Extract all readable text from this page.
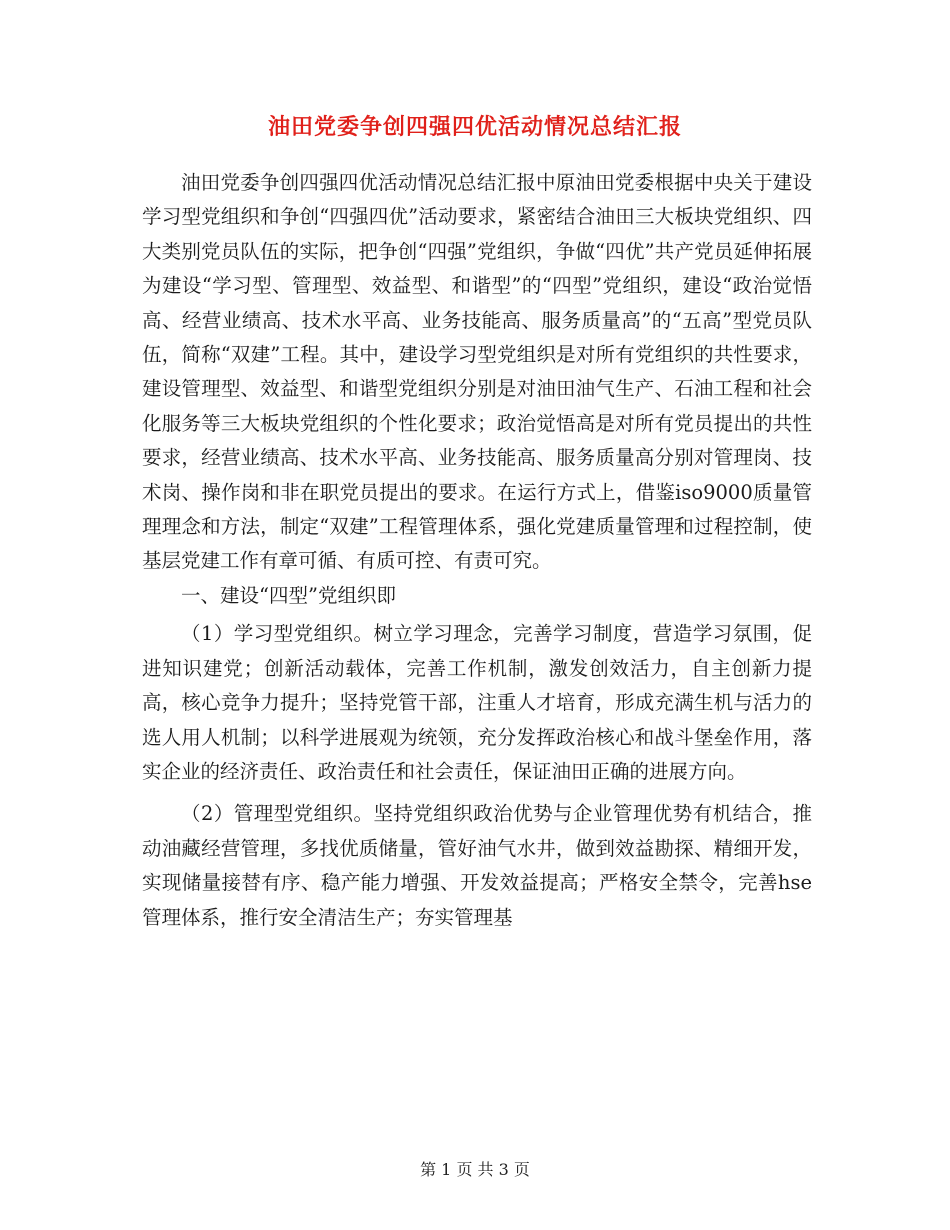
油田党委争创四强四优活动情况总结汇报

油田党委争创四强四优活动情况总结汇报中原油田党委根据中央关于建设学习型党组织和争创“四强四优”活动要求，紧密结合油田三大板块党组织、四大类别党员队伍的实际，把争创“四强”党组织，争做“四优”共产党员延伸拓展为建设“学习型、管理型、效益型、和谐型”的“四型”党组织，建设“政治觉悟高、经营业绩高、技术水平高、业务技能高、服务质量高”的“五高”型党员队伍，简称“双建”工程。其中，建设学习型党组织是对所有党组织的共性要求，建设管理型、效益型、和谐型党组织分别是对油田油气生产、石油工程和社会化服务等三大板块党组织的个性化要求；政治觉悟高是对所有党员提出的共性要求，经营业绩高、技术水平高、业务技能高、服务质量高分别对管理岗、技术岗、操作岗和非在职党员提出的要求。在运行方式上，借鉴iso9000质量管理理念和方法，制定“双建”工程管理体系，强化党建质量管理和过程控制，使基层党建工作有章可循、有质可控、有责可究。

一、建设“四型”党组织即

（1）学习型党组织。树立学习理念，完善学习制度，营造学习氛围，促进知识建党；创新活动载体，完善工作机制，激发创效活力，自主创新力提高，核心竞争力提升；坚持党管干部，注重人才培育，形成充满生机与活力的选人用人机制；以科学进展观为统领，充分发挥政治核心和战斗堡垒作用，落实企业的经济责任、政治责任和社会责任，保证油田正确的进展方向。

（2）管理型党组织。坚持党组织政治优势与企业管理优势有机结合，推动油藏经营管理，多找优质储量，管好油气水井，做到效益勘探、精细开发，实现储量接替有序、稳产能力增强、开发效益提高；严格安全禁令，完善hse管理体系，推行安全清洁生产；夯实管理基

第 1 页 共 3 页
